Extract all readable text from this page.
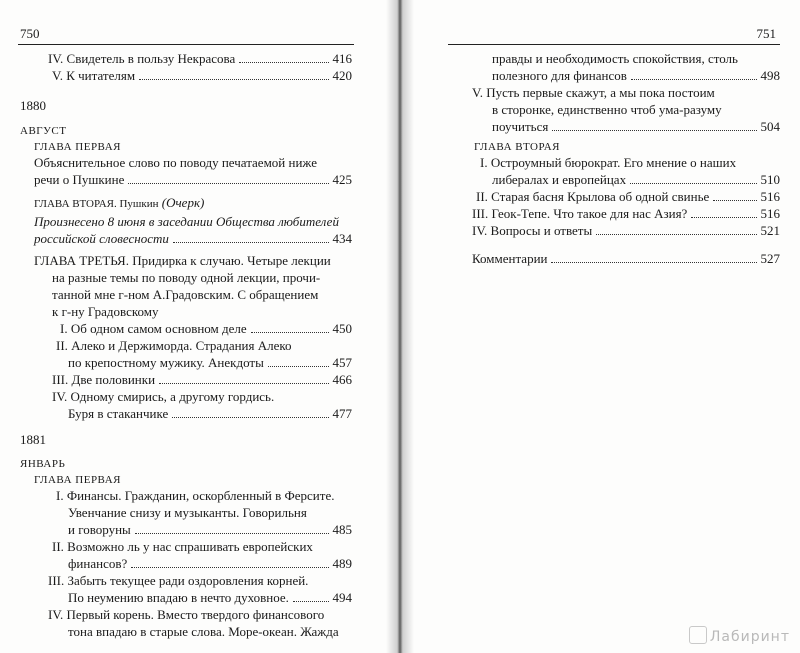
750
IV. Свидетель в пользу Некрасова	416
V. К читателям	420
1880
АВГУСТ
ГЛАВА ПЕРВАЯ
Объяснительное слово по поводу печатаемой ниже
речи о Пушкине	425
ГЛАВА ВТОРАЯ. Пушкин (Очерк)
Произнесено 8 июня в заседании Общества любителей
российской словесности	434
ГЛАВА ТРЕТЬЯ. Придирка к случаю. Четыре лекции
на разные темы по поводу одной лекции, прочи-
танной мне г-ном А.Градовским. С обращением
к г-ну Градовскому
I. Об одном самом основном деле	450
II. Алеко и Держиморда. Страдания Алеко
по крепостному мужику. Анекдоты	457
III. Две половинки	466
IV. Одному смирись, а другому гордись.
Буря в стаканчике	477
1881
ЯНВАРЬ
ГЛАВА ПЕРВАЯ
I. Финансы. Гражданин, оскорбленный в Ферсите.
Увенчание снизу и музыканты. Говорильня
и говоруны	485
II. Возможно ль у нас спрашивать европейских
финансов?	489
III. Забыть текущее ради оздоровления корней.
По неумению впадаю в нечто духовное.	494
IV. Первый корень. Вместо твердого финансового
тона впадаю в старые слова. Море-океан. Жажда
751
правды и необходимость спокойствия, столь
полезного для финансов	498
V. Пусть первые скажут, а мы пока постоим
в сторонке, единственно чтоб ума-разуму
поучиться	504
ГЛАВА ВТОРАЯ
I. Остроумный бюрократ. Его мнение о наших
либералах и европейцах	510
II. Старая басня Крылова об одной свинье	516
III. Геок-Тепе. Что такое для нас Азия?	516
IV. Вопросы и ответы	521
Комментарии	527
Лабиринт
